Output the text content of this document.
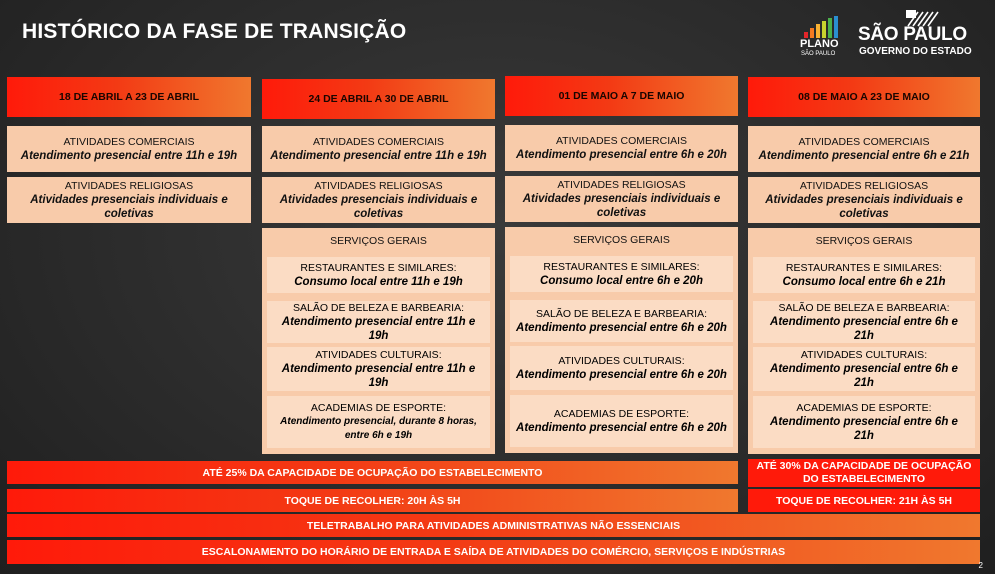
HISTÓRICO DA FASE DE TRANSIÇÃO
PLANO
SÃO PAULO
SÃO PAULO
GOVERNO DO ESTADO
18 DE ABRIL A 23 DE ABRIL	24 DE ABRIL A 30 DE ABRIL	01 DE MAIO A 7 DE MAIO	08 DE MAIO A 23 DE MAIO
ATIVIDADES COMERCIAIS
Atendimento presencial entre 11h e 19h
ATIVIDADES RELIGIOSAS
Atividades presenciais individuais e coletivas
ATIVIDADES COMERCIAIS
Atendimento presencial entre 11h e 19h
ATIVIDADES RELIGIOSAS
Atividades presenciais individuais e coletivas
SERVIÇOS GERAIS
RESTAURANTES E SIMILARES:
Consumo local entre 11h e 19h
SALÃO DE BELEZA E BARBEARIA:
Atendimento presencial entre 11h e 19h
ATIVIDADES CULTURAIS:
Atendimento presencial entre 11h e 19h
ACADEMIAS DE ESPORTE:
Atendimento presencial, durante 8 horas, entre 6h e 19h
ATIVIDADES COMERCIAIS
Atendimento presencial entre 6h e 20h
ATIVIDADES RELIGIOSAS
Atividades presenciais individuais e coletivas
SERVIÇOS GERAIS
RESTAURANTES E SIMILARES:
Consumo local entre 6h e 20h
SALÃO DE BELEZA E BARBEARIA:
Atendimento presencial entre 6h e 20h
ATIVIDADES CULTURAIS:
Atendimento presencial entre 6h e 20h
ACADEMIAS DE ESPORTE:
Atendimento presencial entre 6h e 20h
ATIVIDADES COMERCIAIS
Atendimento presencial entre 6h e 21h
ATIVIDADES RELIGIOSAS
Atividades presenciais individuais e coletivas
SERVIÇOS GERAIS
RESTAURANTES E SIMILARES:
Consumo local entre 6h e 21h
SALÃO DE BELEZA E BARBEARIA:
Atendimento presencial entre 6h e 21h
ATIVIDADES CULTURAIS:
Atendimento presencial entre 6h e 21h
ACADEMIAS DE ESPORTE:
Atendimento presencial entre 6h e 21h
ATÉ 25% DA CAPACIDADE DE OCUPAÇÃO DO ESTABELECIMENTO
ATÉ 30% DA CAPACIDADE DE OCUPAÇÃO DO ESTABELECIMENTO
TOQUE DE RECOLHER: 20H ÀS 5H	TOQUE DE RECOLHER: 21H ÀS 5H
TELETRABALHO PARA ATIVIDADES ADMINISTRATIVAS NÃO ESSENCIAIS
ESCALONAMENTO DO HORÁRIO DE ENTRADA E SAÍDA DE ATIVIDADES DO COMÉRCIO, SERVIÇOS E INDÚSTRIAS
2
